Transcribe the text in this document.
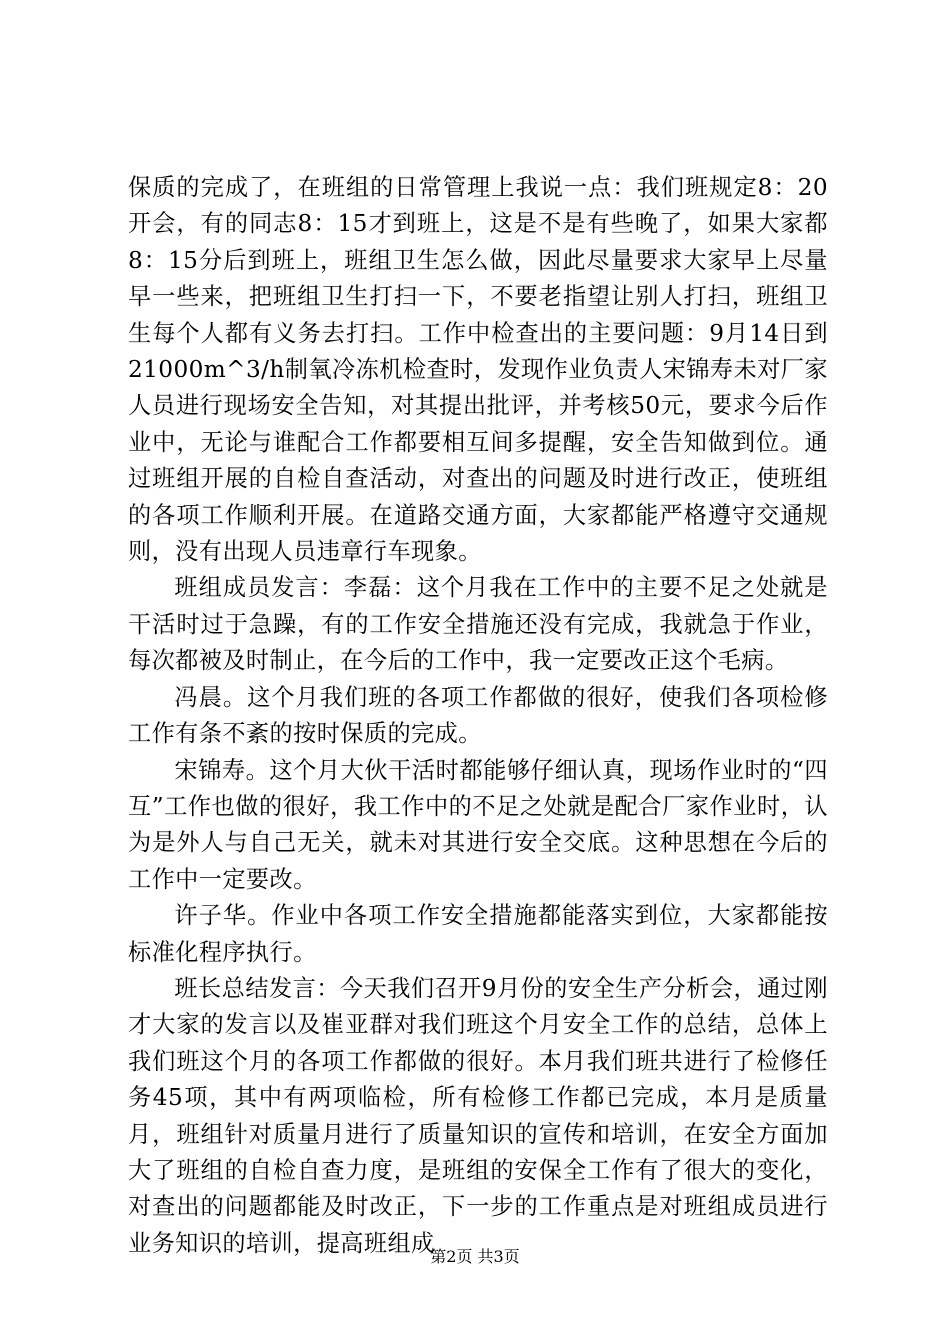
保质的完成了，在班组的日常管理上我说一点：我们班规定8：20开会，有的同志8：15才到班上，这是不是有些晚了，如果大家都8：15分后到班上，班组卫生怎么做，因此尽量要求大家早上尽量早一些来，把班组卫生打扫一下，不要老指望让别人打扫，班组卫生每个人都有义务去打扫。工作中检查出的主要问题：9月14日到21000m^3/h制氧冷冻机检查时，发现作业负责人宋锦寿未对厂家人员进行现场安全告知，对其提出批评，并考核50元，要求今后作业中，无论与谁配合工作都要相互间多提醒，安全告知做到位。通过班组开展的自检自查活动，对查出的问题及时进行改正，使班组的各项工作顺利开展。在道路交通方面，大家都能严格遵守交通规则，没有出现人员违章行车现象。

班组成员发言：李磊：这个月我在工作中的主要不足之处就是干活时过于急躁，有的工作安全措施还没有完成，我就急于作业，每次都被及时制止，在今后的工作中，我一定要改正这个毛病。

冯晨。这个月我们班的各项工作都做的很好，使我们各项检修工作有条不紊的按时保质的完成。

宋锦寿。这个月大伙干活时都能够仔细认真，现场作业时的“四互”工作也做的很好，我工作中的不足之处就是配合厂家作业时，认为是外人与自己无关，就未对其进行安全交底。这种思想在今后的工作中一定要改。

许子华。作业中各项工作安全措施都能落实到位，大家都能按标准化程序执行。

班长总结发言：今天我们召开9月份的安全生产分析会，通过刚才大家的发言以及崔亚群对我们班这个月安全工作的总结，总体上我们班这个月的各项工作都做的很好。本月我们班共进行了检修任务45项，其中有两项临检，所有检修工作都已完成，本月是质量月，班组针对质量月进行了质量知识的宣传和培训，在安全方面加大了班组的自检自查力度，是班组的安保全工作有了很大的变化，对查出的问题都能及时改正，下一步的工作重点是对班组成员进行业务知识的培训，提高班组成

第2页 共3页
